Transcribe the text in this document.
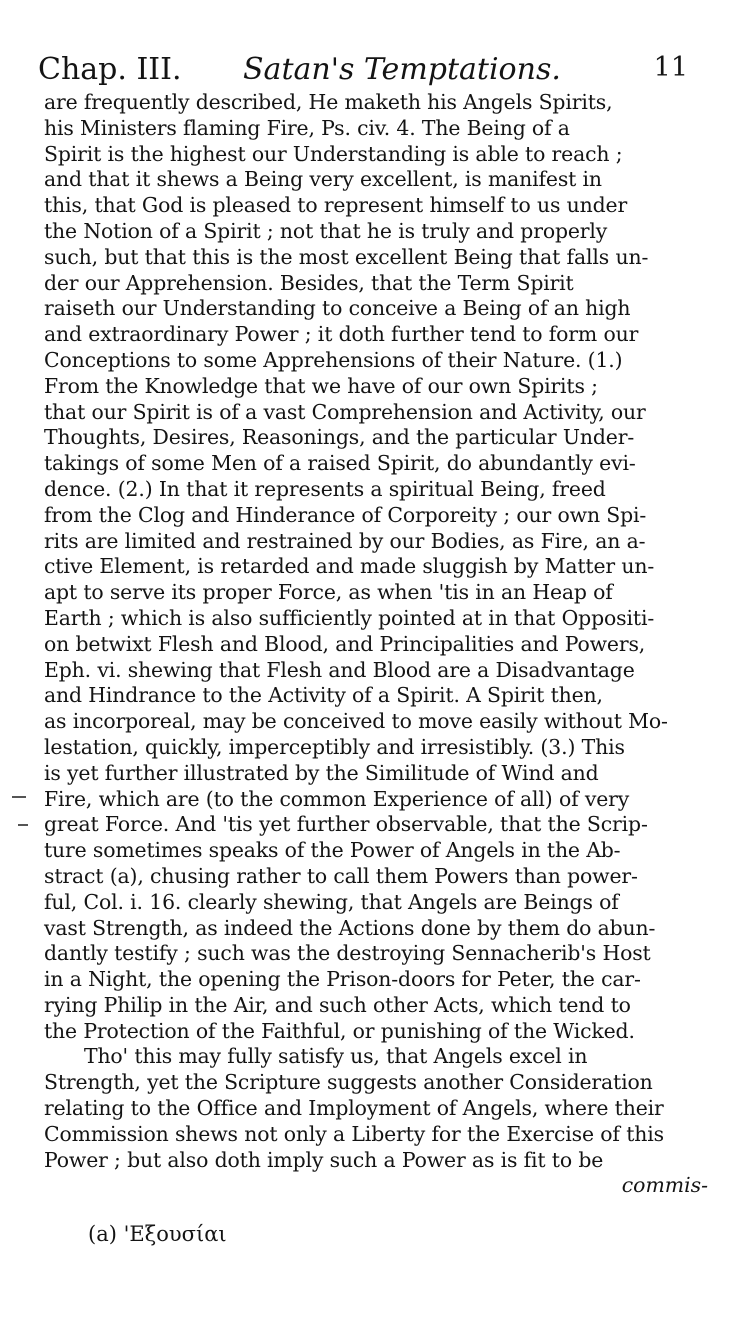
Chap. III. Satan's Temptations.	11
are frequently described, He maketh his Angels Spirits,
his Ministers flaming Fire, Ps. civ. 4. The Being of a
Spirit is the highest our Understanding is able to reach ;
and that it shews a Being very excellent, is manifest in
this, that God is pleased to represent himself to us under
the Notion of a Spirit ; not that he is truly and properly
such, but that this is the most excellent Being that falls un-
der our Apprehension. Besides, that the Term Spirit
raiseth our Understanding to conceive a Being of an high
and extraordinary Power ; it doth further tend to form our
Conceptions to some Apprehensions of their Nature. (1.)
From the Knowledge that we have of our own Spirits ;
that our Spirit is of a vast Comprehension and Activity, our
Thoughts, Desires, Reasonings, and the particular Under-
takings of some Men of a raised Spirit, do abundantly evi-
dence. (2.) In that it represents a spiritual Being, freed
from the Clog and Hinderance of Corporeity ; our own Spi-
rits are limited and restrained by our Bodies, as Fire, an a-
ctive Element, is retarded and made sluggish by Matter un-
apt to serve its proper Force, as when 'tis in an Heap of
Earth ; which is also sufficiently pointed at in that Oppositi-
on betwixt Flesh and Blood, and Principalities and Powers,
Eph. vi. shewing that Flesh and Blood are a Disadvantage
and Hindrance to the Activity of a Spirit. A Spirit then,
as incorporeal, may be conceived to move easily without Mo-
lestation, quickly, imperceptibly and irresistibly. (3.) This
is yet further illustrated by the Similitude of Wind and
Fire, which are (to the common Experience of all) of very
great Force. And 'tis yet further observable, that the Scrip-
ture sometimes speaks of the Power of Angels in the Ab-
stract (a), chusing rather to call them Powers than power-
ful, Col. i. 16. clearly shewing, that Angels are Beings of
vast Strength, as indeed the Actions done by them do abun-
dantly testify ; such was the destroying Sennacherib's Host
in a Night, the opening the Prison-doors for Peter, the car-
rying Philip in the Air, and such other Acts, which tend to
the Protection of the Faithful, or punishing of the Wicked.
Tho' this may fully satisfy us, that Angels excel in
Strength, yet the Scripture suggests another Consideration
relating to the Office and Imployment of Angels, where their
Commission shews not only a Liberty for the Exercise of this
Power ; but also doth imply such a Power as is fit to be
commis-
(a) 'Εξουσίαι
